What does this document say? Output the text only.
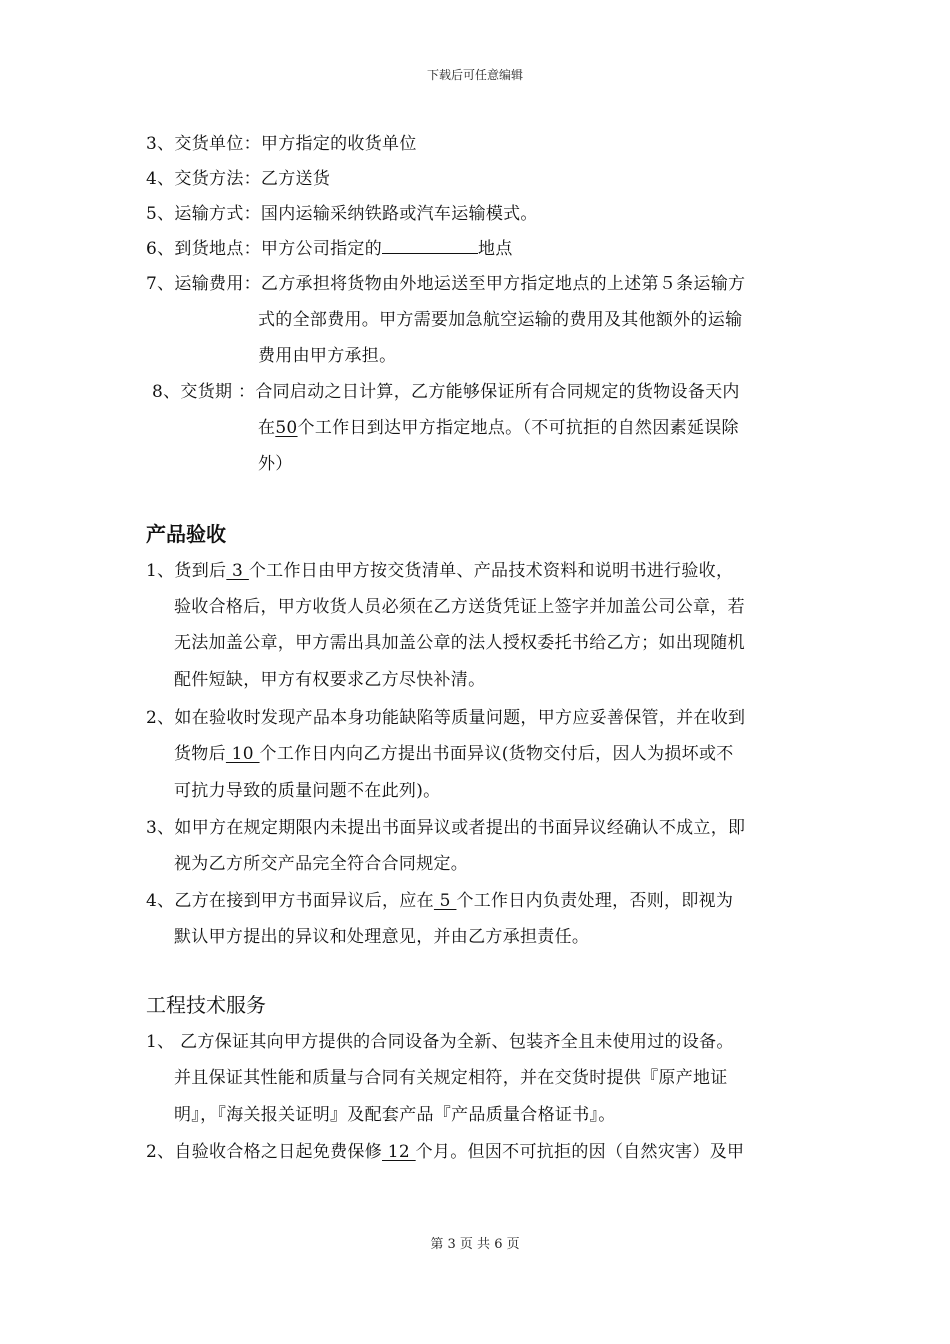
下载后可任意编辑
3、交货单位：甲方指定的收货单位
4、交货方法：乙方送货
5、运输方式：国内运输采纳铁路或汽车运输模式。
6、到货地点：甲方公司指定的	地点
7、运输费用：乙方承担将货物由外地运送至甲方指定地点的上述第５条运输方
式的全部费用。甲方需要加急航空运输的费用及其他额外的运输
费用由甲方承担。
8、交货期 ：合同启动之日计算，乙方能够保证所有合同规定的货物设备天内
在50个工作日到达甲方指定地点。（不可抗拒的自然因素延误除
外）
产品验收
1、货到后 3 个工作日由甲方按交货清单、产品技术资料和说明书进行验收，
验收合格后，甲方收货人员必须在乙方送货凭证上签字并加盖公司公章，若
无法加盖公章，甲方需出具加盖公章的法人授权委托书给乙方；如出现随机
配件短缺，甲方有权要求乙方尽快补清。
2、如在验收时发现产品本身功能缺陷等质量问题，甲方应妥善保管，并在收到
货物后 10 个工作日内向乙方提出书面异议(货物交付后，因人为损坏或不
可抗力导致的质量问题不在此列)。
3、如甲方在规定期限内未提出书面异议或者提出的书面异议经确认不成立，即
视为乙方所交产品完全符合合同规定。
4、乙方在接到甲方书面异议后，应在 5 个工作日内负责处理，否则，即视为
默认甲方提出的异议和处理意见，并由乙方承担责任。
工程技术服务
1、 乙方保证其向甲方提供的合同设备为全新、包装齐全且未使用过的设备。
并且保证其性能和质量与合同有关规定相符，并在交货时提供『原产地证
明』，『海关报关证明』及配套产品『产品质量合格证书』。
2、自验收合格之日起免费保修 12 个月。但因不可抗拒的因（自然灾害）及甲
第 3 页 共 6 页
